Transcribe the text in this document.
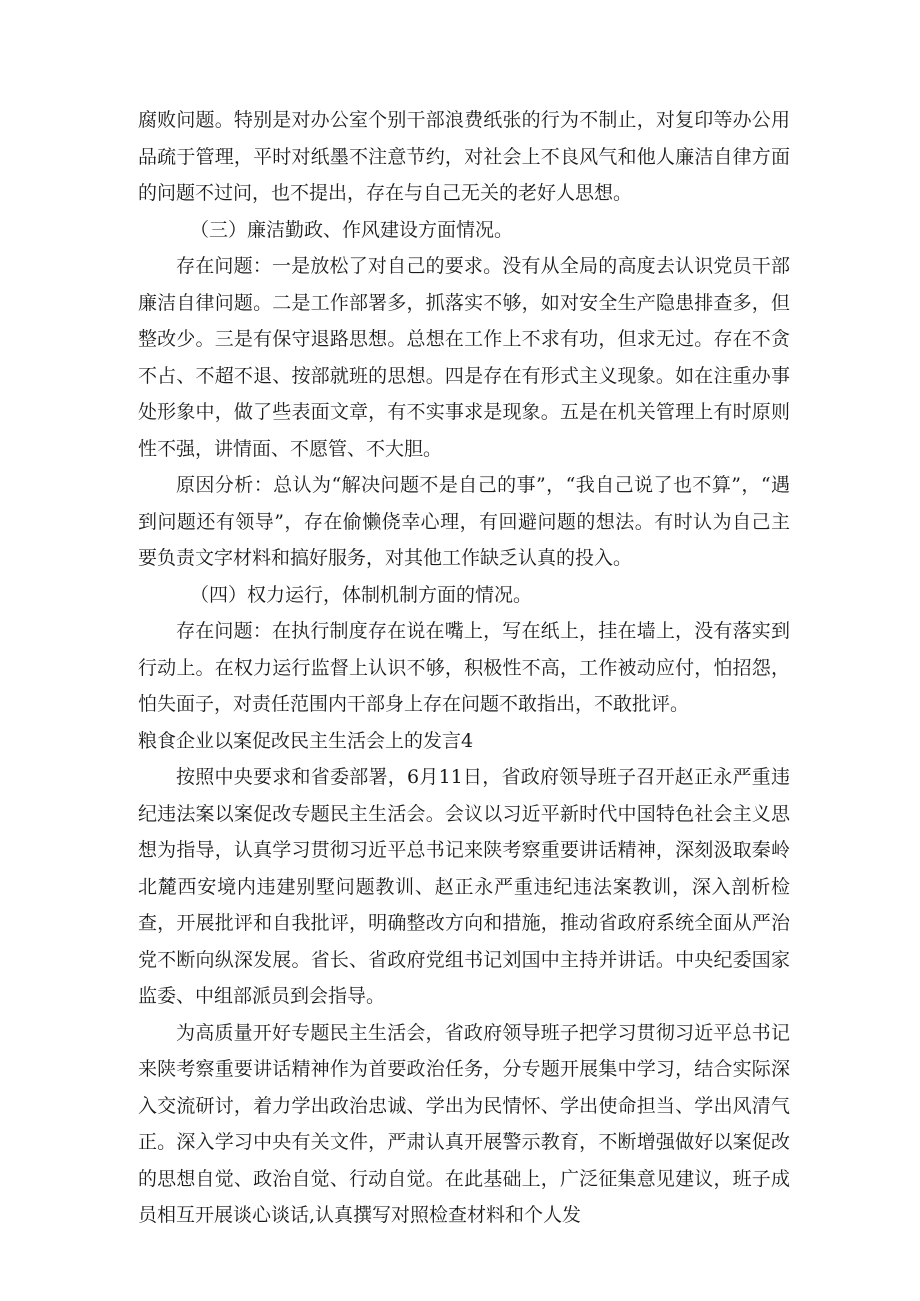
腐败问题。特别是对办公室个别干部浪费纸张的行为不制止，对复印等办公用品疏于管理，平时对纸墨不注意节约，对社会上不良风气和他人廉洁自律方面的问题不过问，也不提出，存在与自己无关的老好人思想。

（三）廉洁勤政、作风建设方面情况。

存在问题：一是放松了对自己的要求。没有从全局的高度去认识党员干部廉洁自律问题。二是工作部署多，抓落实不够，如对安全生产隐患排查多，但整改少。三是有保守退路思想。总想在工作上不求有功，但求无过。存在不贪不占、不超不退、按部就班的思想。四是存在有形式主义现象。如在注重办事处形象中，做了些表面文章，有不实事求是现象。五是在机关管理上有时原则性不强，讲情面、不愿管、不大胆。

原因分析：总认为“解决问题不是自己的事”，“我自己说了也不算”，“遇到问题还有领导”，存在偷懒侥幸心理，有回避问题的想法。有时认为自己主要负责文字材料和搞好服务，对其他工作缺乏认真的投入。

（四）权力运行，体制机制方面的情况。

存在问题：在执行制度存在说在嘴上，写在纸上，挂在墙上，没有落实到行动上。在权力运行监督上认识不够，积极性不高，工作被动应付，怕招怨，怕失面子，对责任范围内干部身上存在问题不敢指出，不敢批评。

粮食企业以案促改民主生活会上的发言4

按照中央要求和省委部署，6月11日，省政府领导班子召开赵正永严重违纪违法案以案促改专题民主生活会。会议以习近平新时代中国特色社会主义思想为指导，认真学习贯彻习近平总书记来陕考察重要讲话精神，深刻汲取秦岭北麓西安境内违建别墅问题教训、赵正永严重违纪违法案教训，深入剖析检查，开展批评和自我批评，明确整改方向和措施，推动省政府系统全面从严治党不断向纵深发展。省长、省政府党组书记刘国中主持并讲话。中央纪委国家监委、中组部派员到会指导。

为高质量开好专题民主生活会，省政府领导班子把学习贯彻习近平总书记来陕考察重要讲话精神作为首要政治任务，分专题开展集中学习，结合实际深入交流研讨，着力学出政治忠诚、学出为民情怀、学出使命担当、学出风清气正。深入学习中央有关文件，严肃认真开展警示教育，不断增强做好以案促改的思想自觉、政治自觉、行动自觉。在此基础上，广泛征集意见建议，班子成员相互开展谈心谈话,认真撰写对照检查材料和个人发
